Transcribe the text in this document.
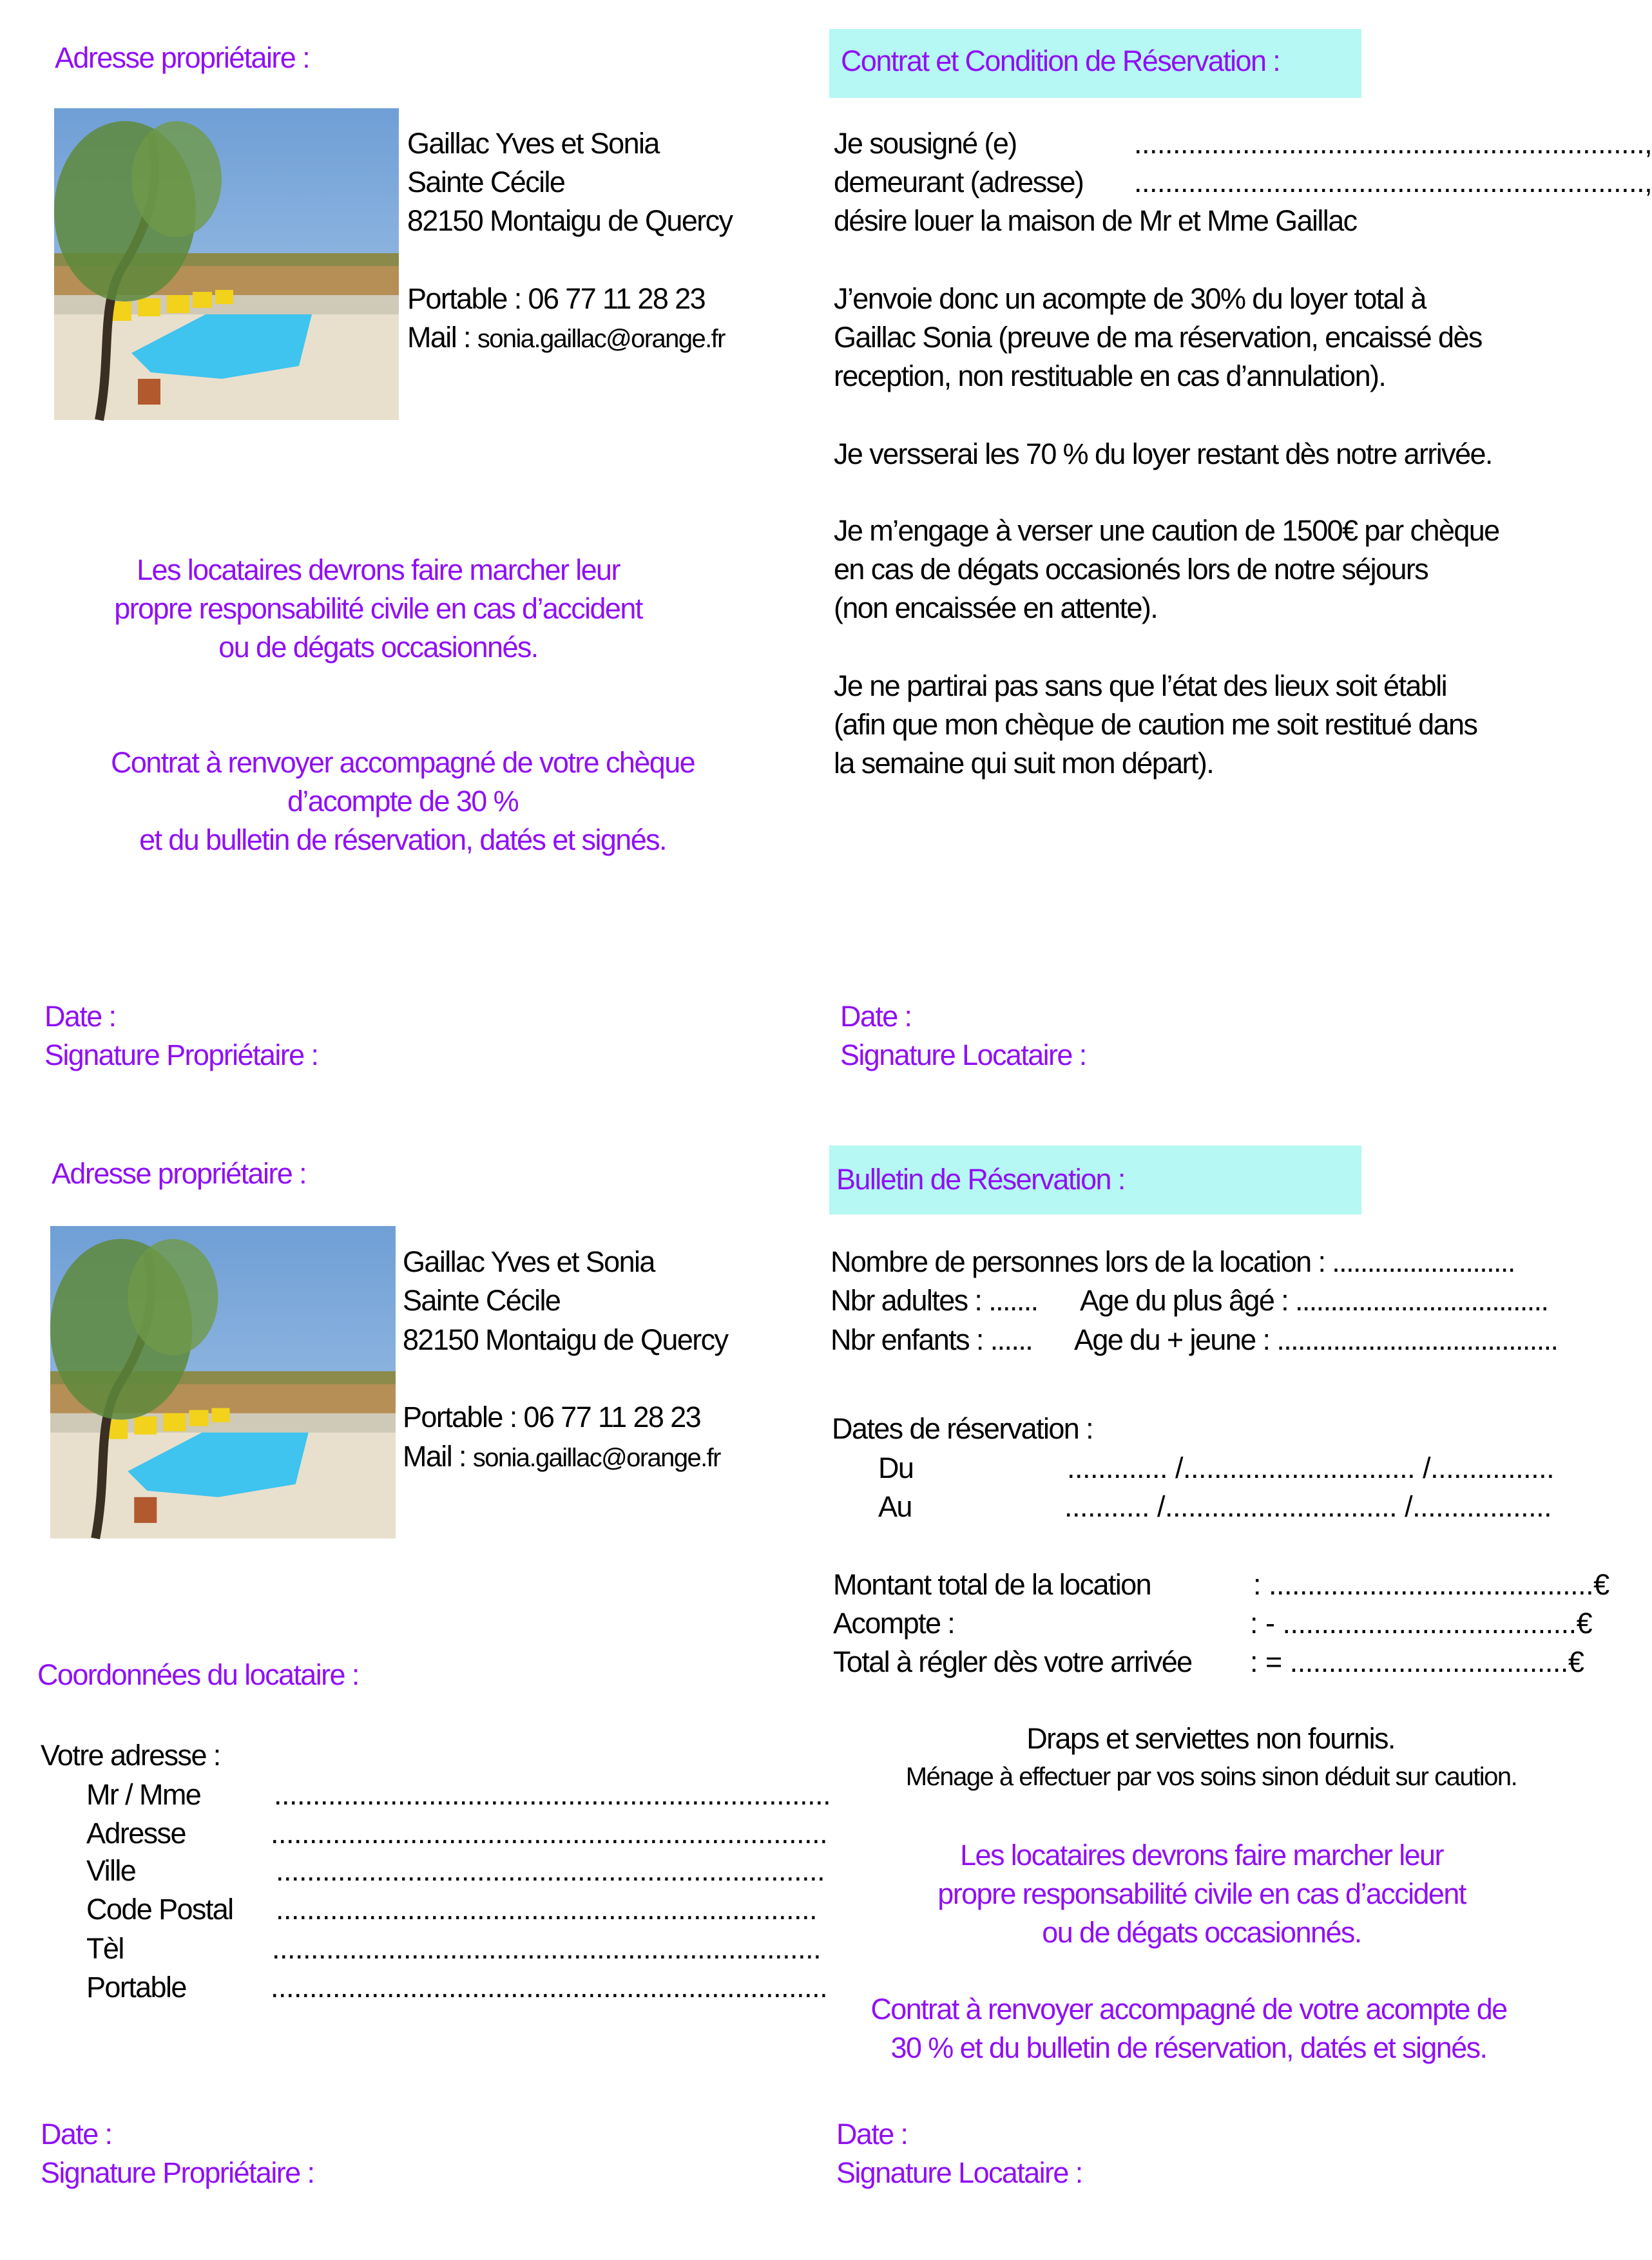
Adresse propriétaire :
Gaillac Yves et Sonia
Sainte Cécile
82150 Montaigu de Quercy
Portable : 06 77 11 28 23
Mail : sonia.gaillac@orange.fr
Les locataires devrons faire marcher leur
propre responsabilité civile en cas d’accident
ou de dégats occasionnés.
Contrat à renvoyer accompagné de votre chèque
d’acompte de 30 %
et du bulletin de réservation, datés et signés.
Contrat et Condition de Réservation :
Je sousigné (e)	..................................................................,
demeurant (adresse) ..................................................................,
désire louer la maison de Mr et Mme Gaillac
J’envoie donc un acompte de 30% du loyer total à
Gaillac Sonia (preuve de ma réservation, encaissé dès
reception, non restituable en cas d’annulation).
Je versserai les 70 % du loyer restant dès notre arrivée.
Je m’engage à verser une caution de 1500€ par chèque
en cas de dégats occasionés lors de notre séjours
(non encaissée en attente).
Je ne partirai pas sans que l’état des lieux soit établi
(afin que mon chèque de caution me soit restitué dans
la semaine qui suit mon départ).
Date :
Signature Propriétaire :
Date :
Signature Locataire :
Adresse propriétaire :
Gaillac Yves et Sonia
Sainte Cécile
82150 Montaigu de Quercy
Portable : 06 77 11 28 23
Mail : sonia.gaillac@orange.fr
Coordonnées du locataire :
Votre adresse :
Mr / Mme	........................................................................
Adresse	........................................................................
Ville	.......................................................................
Code Postal ......................................................................
Tèl	.......................................................................
Portable	........................................................................
Date :
Signature Propriétaire :
Bulletin de Réservation :
Nombre de personnes lors de la location : ..........................
Nbr adultes : ....... Age du plus âgé : ....................................
Nbr enfants : ...... Age du + jeune : ........................................
Dates de réservation :
Du	............. /.............................. /................
Au	........... /.............................. /..................
Montant total de la location	: ..........................................€
Acompte :	: - ......................................€
Total à régler dès votre arrivée : = ....................................€
Draps et serviettes non fournis.
Ménage à effectuer par vos soins sinon déduit sur caution.
Les locataires devrons faire marcher leur
propre responsabilité civile en cas d’accident
ou de dégats occasionnés.
Contrat à renvoyer accompagné de votre acompte de
30 % et du bulletin de réservation, datés et signés.
Date :
Signature Locataire :
